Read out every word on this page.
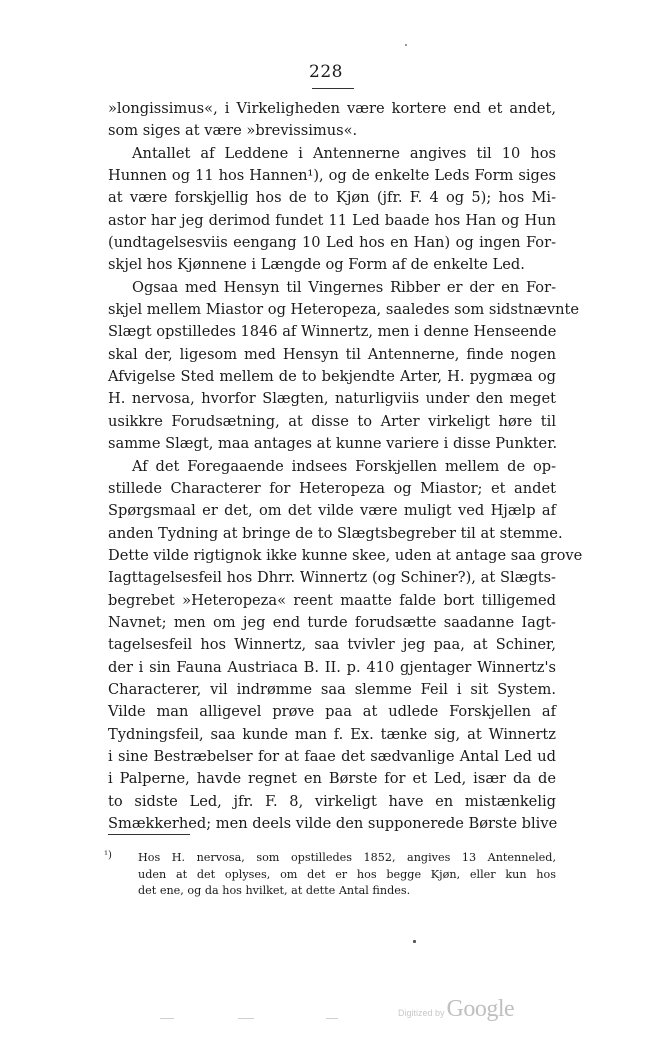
228
»longissimus«, i Virkeligheden være kortere end et andet,
som siges at være »brevissimus«.
Antallet af Leddene i Antennerne angives til 10 hos
Hunnen og 11 hos Hannen¹), og de enkelte Leds Form siges
at være forskjellig hos de to Kjøn (jfr. F. 4 og 5); hos Mi-
astor har jeg derimod fundet 11 Led baade hos Han og Hun
(undtagelsesviis eengang 10 Led hos en Han) og ingen For-
skjel hos Kjønnene i Længde og Form af de enkelte Led.
Ogsaa med Hensyn til Vingernes Ribber er der en For-
skjel mellem Miastor og Heteropeza, saaledes som sidstnævnte
Slægt opstilledes 1846 af Winnertz, men i denne Henseende
skal der, ligesom med Hensyn til Antennerne, finde nogen
Afvigelse Sted mellem de to bekjendte Arter, H. pygmæa og
H. nervosa, hvorfor Slægten, naturligviis under den meget
usikkre Forudsætning, at disse to Arter virkeligt høre til
samme Slægt, maa antages at kunne variere i disse Punkter.
Af det Foregaaende indsees Forskjellen mellem de op-
stillede Characterer for Heteropeza og Miastor; et andet
Spørgsmaal er det, om det vilde være muligt ved Hjælp af
anden Tydning at bringe de to Slægtsbegreber til at stemme.
Dette vilde rigtignok ikke kunne skee, uden at antage saa grove
Iagttagelsesfeil hos Dhrr. Winnertz (og Schiner?), at Slægts-
begrebet »Heteropeza« reent maatte falde bort tilligemed
Navnet; men om jeg end turde forudsætte saadanne Iagt-
tagelsesfeil hos Winnertz, saa tvivler jeg paa, at Schiner,
der i sin Fauna Austriaca B. II. p. 410 gjentager Winnertz's
Characterer, vil indrømme saa slemme Feil i sit System.
Vilde man alligevel prøve paa at udlede Forskjellen af
Tydningsfeil, saa kunde man f. Ex. tænke sig, at Winnertz
i sine Bestræbelser for at faae det sædvanlige Antal Led ud
i Palperne, havde regnet en Børste for et Led, især da de
to sidste Led, jfr. F. 8, virkeligt have en mistænkelig
Smækkerhed; men deels vilde den supponerede Børste blive
¹) Hos H. nervosa, som opstilledes 1852, angives 13 Antenneled,
uden at det oplyses, om det er hos begge Kjøn, eller kun hos
det ene, og da hos hvilket, at dette Antal findes.
Digitized by Google
